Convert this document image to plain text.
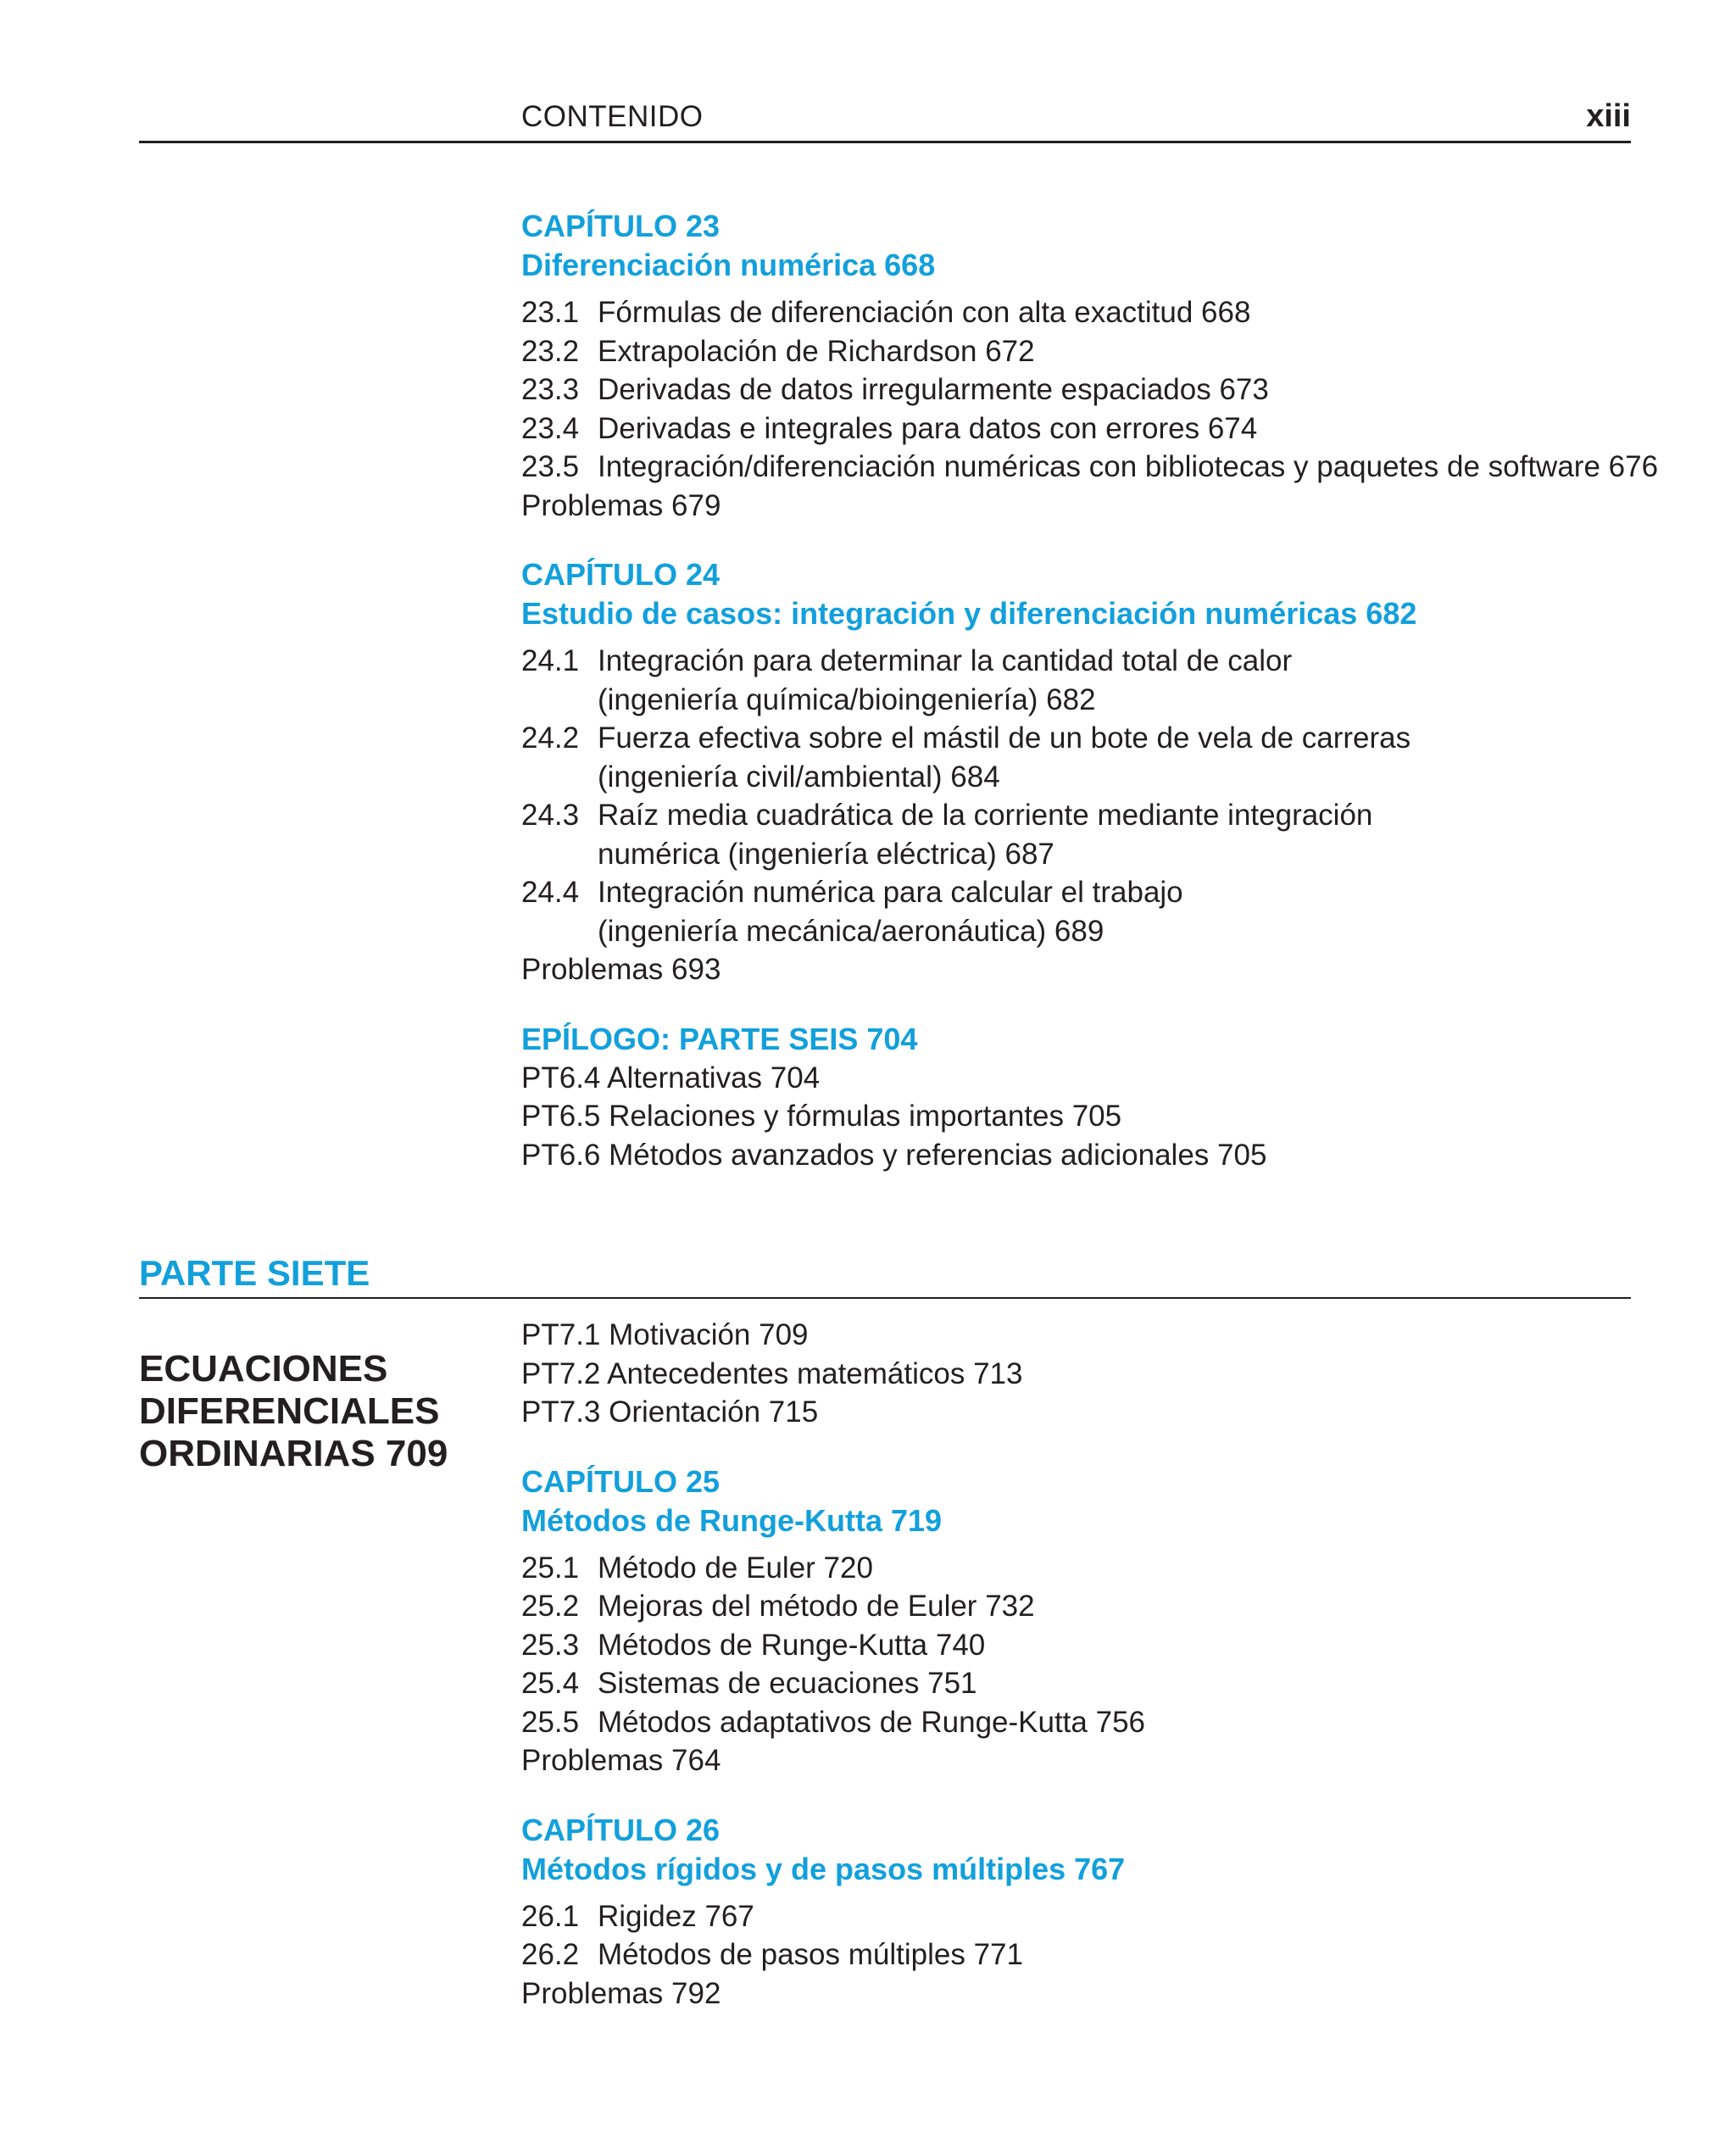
CONTENIDO	xiii
CAPÍTULO 23
Diferenciación numérica 668
23.1 Fórmulas de diferenciación con alta exactitud 668
23.2 Extrapolación de Richardson 672
23.3 Derivadas de datos irregularmente espaciados 673
23.4 Derivadas e integrales para datos con errores 674
23.5 Integración/diferenciación numéricas con bibliotecas y paquetes de software 676
Problemas 679
CAPÍTULO 24
Estudio de casos: integración y diferenciación numéricas 682
24.1 Integración para determinar la cantidad total de calor
(ingeniería química/bioingeniería) 682
24.2 Fuerza efectiva sobre el mástil de un bote de vela de carreras
(ingeniería civil/ambiental) 684
24.3 Raíz media cuadrática de la corriente mediante integración
numérica (ingeniería eléctrica) 687
24.4 Integración numérica para calcular el trabajo
(ingeniería mecánica/aeronáutica) 689
Problemas 693
EPÍLOGO: PARTE SEIS 704
PT6.4 Alternativas 704
PT6.5 Relaciones y fórmulas importantes 705
PT6.6 Métodos avanzados y referencias adicionales 705
PARTE SIETE
ECUACIONES
DIFERENCIALES
ORDINARIAS 709
PT7.1 Motivación 709
PT7.2 Antecedentes matemáticos 713
PT7.3 Orientación 715
CAPÍTULO 25
Métodos de Runge-Kutta 719
25.1 Método de Euler 720
25.2 Mejoras del método de Euler 732
25.3 Métodos de Runge-Kutta 740
25.4 Sistemas de ecuaciones 751
25.5 Métodos adaptativos de Runge-Kutta 756
Problemas 764
CAPÍTULO 26
Métodos rígidos y de pasos múltiples 767
26.1 Rigidez 767
26.2 Métodos de pasos múltiples 771
Problemas 792
